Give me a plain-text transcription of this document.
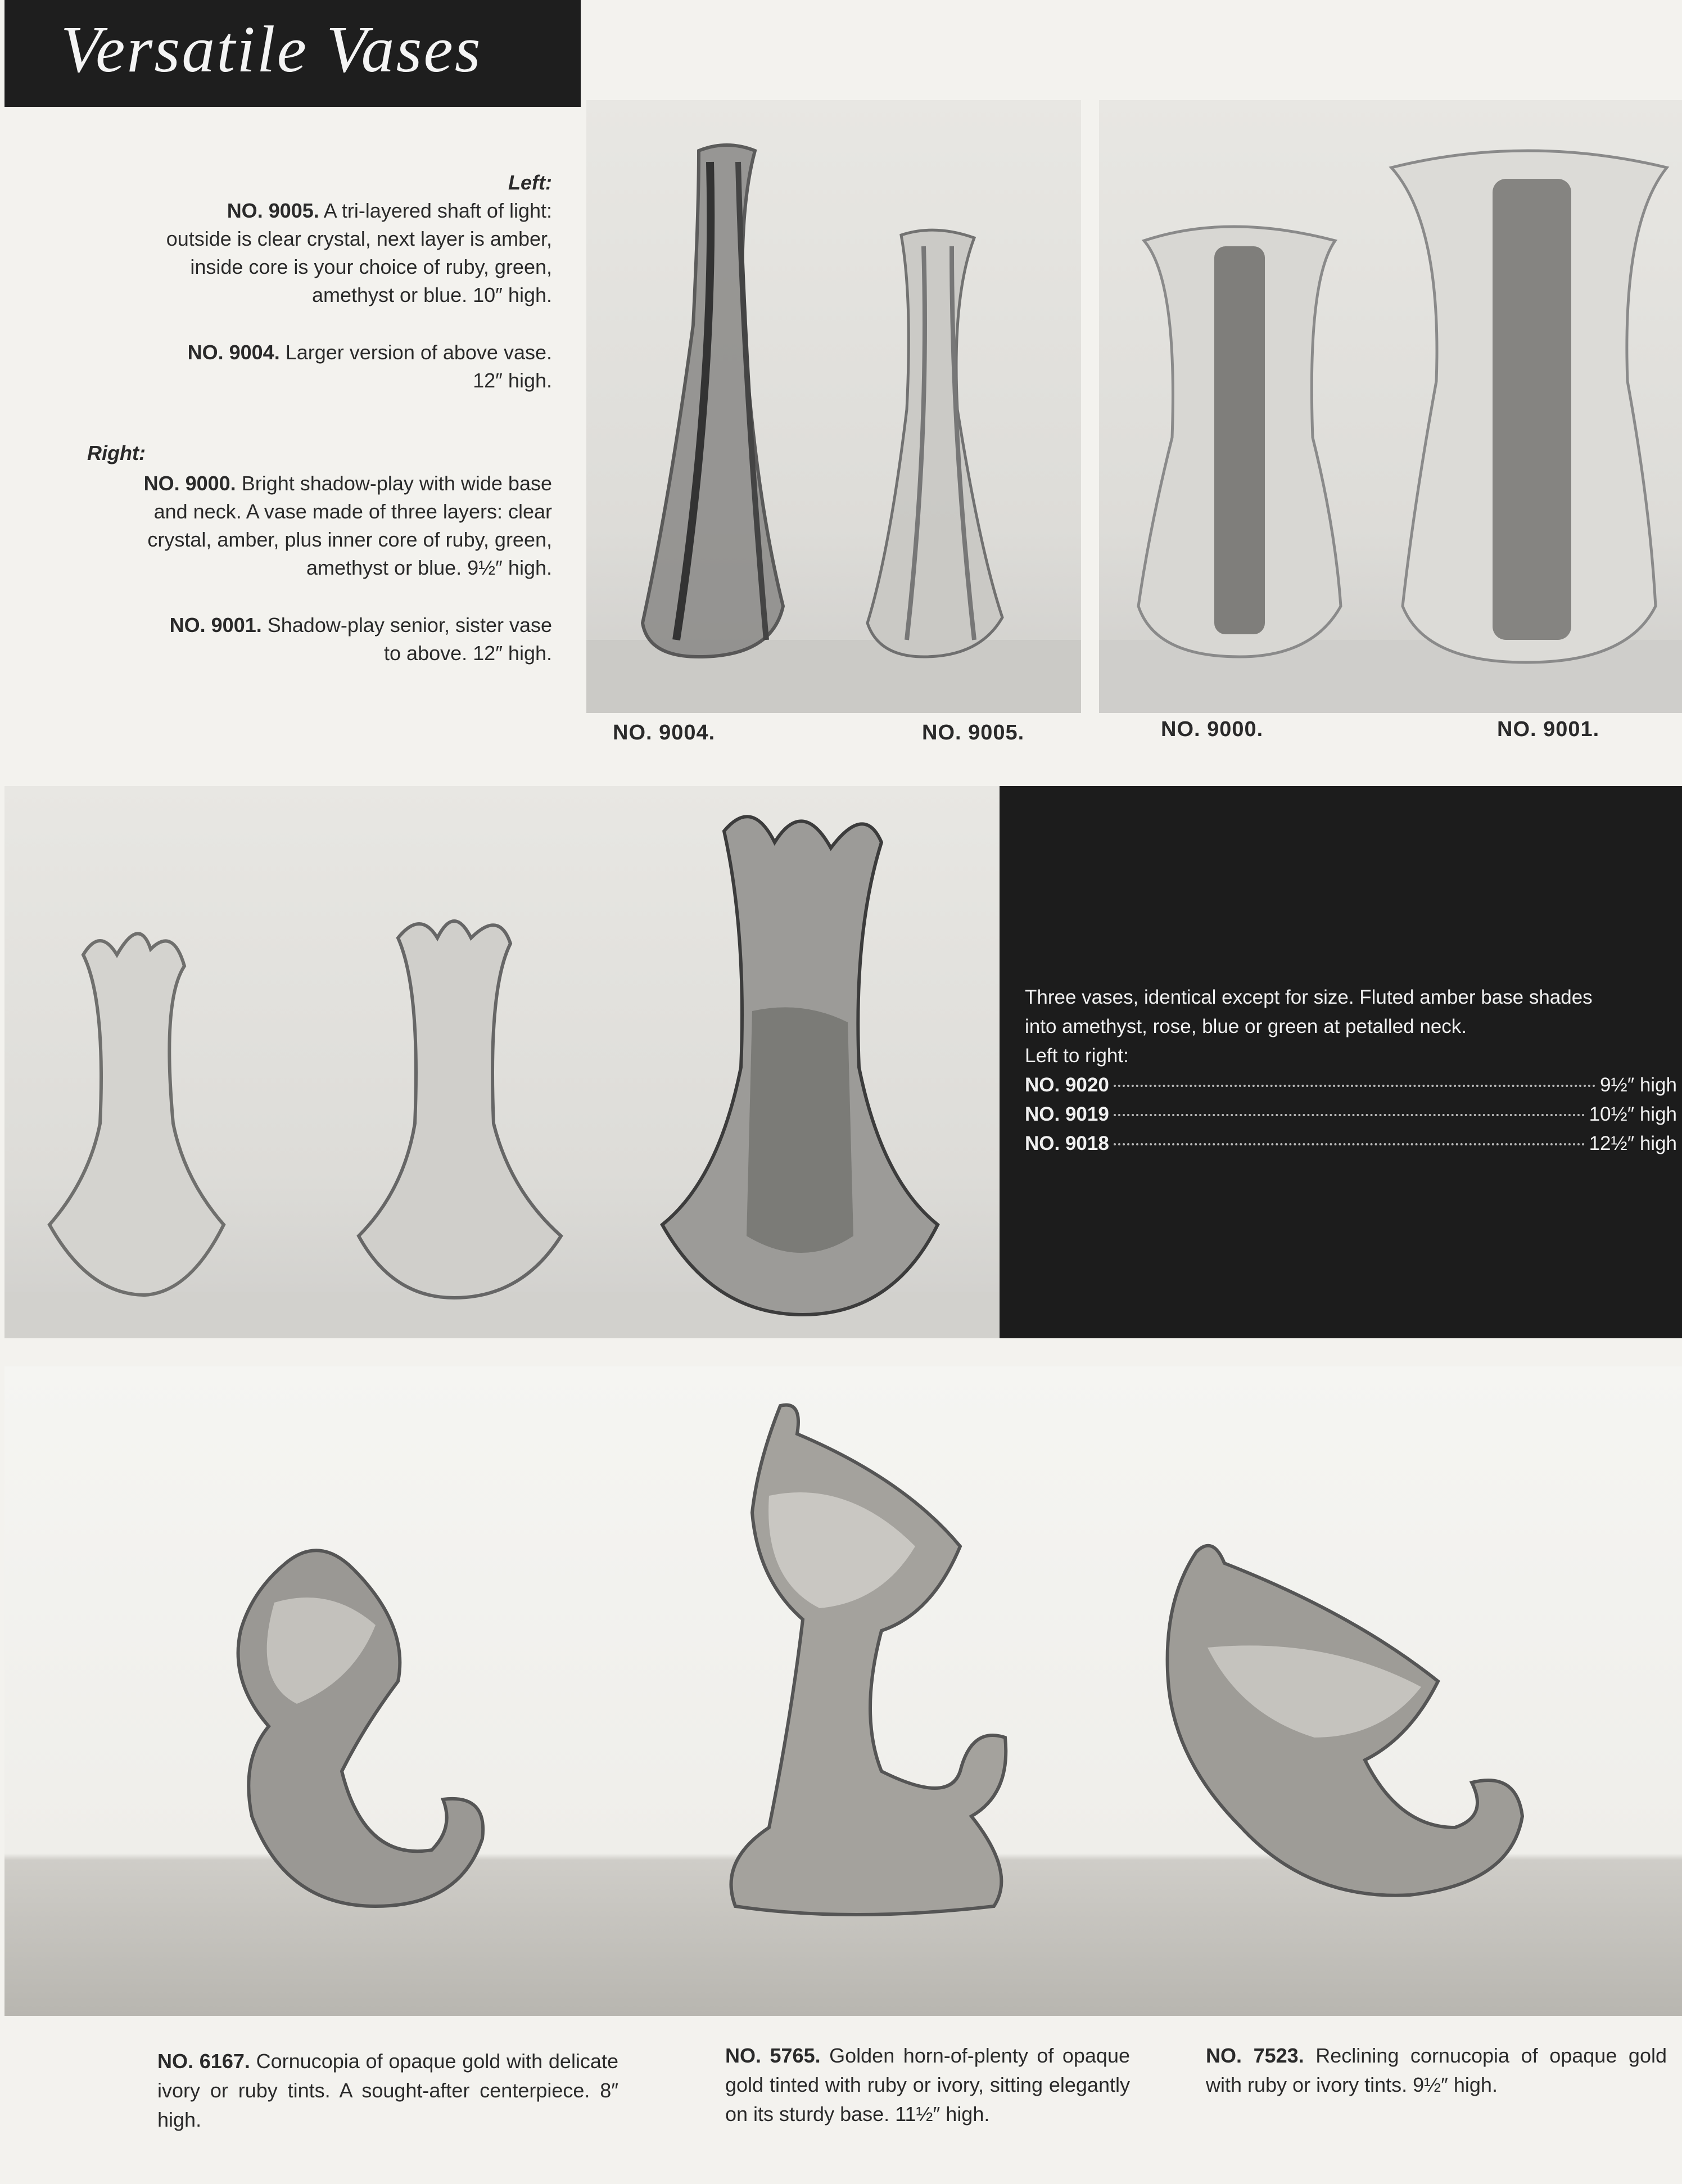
Versatile Vases
Left:
NO. 9005. A tri-layered shaft of light:
outside is clear crystal, next layer is amber,
inside core is your choice of ruby, green,
amethyst or blue. 10″ high.
NO. 9004. Larger version of above vase.
12″ high.
Right:
NO. 9000. Bright shadow-play with wide base
and neck. A vase made of three layers: clear
crystal, amber, plus inner core of ruby, green,
amethyst or blue. 9½″ high.
NO. 9001. Shadow-play senior, sister vase
to above. 12″ high.
NO. 9004.	NO. 9005.	NO. 9000.	NO. 9001.
Three vases, identical except for size. Fluted amber base shades
into amethyst, rose, blue or green at petalled neck.
Left to right:
NO. 9020	9½″ high
NO. 9019	10½″ high
NO. 9018	12½″ high
NO. 6167. Cornucopia of opaque gold with delicate ivory or ruby tints. A sought-after centerpiece. 8″ high.
NO. 5765. Golden horn-of-plenty of opaque gold tinted with ruby or ivory, sitting elegantly on its sturdy base. 11½″ high.
NO. 7523. Reclining cornucopia of opaque gold with ruby or ivory tints. 9½″ high.
